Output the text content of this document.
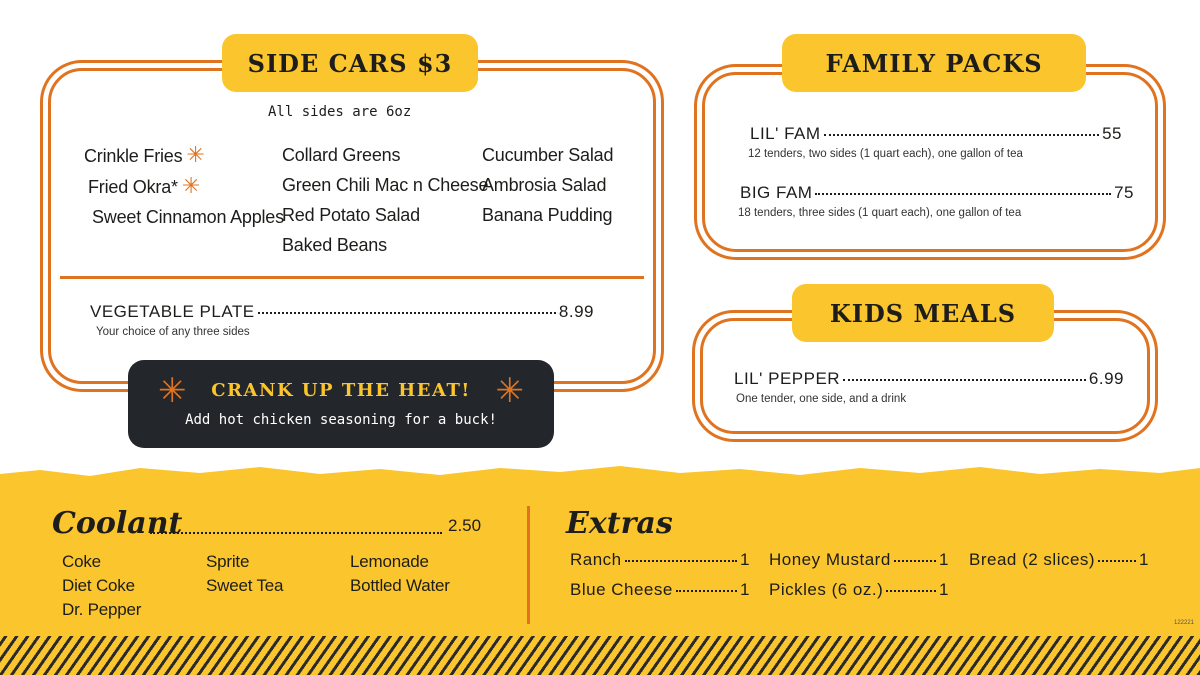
SIDE CARS $3
All sides are 6oz
Crinkle Fries ✳
Fried Okra* ✳
Sweet Cinnamon Apples
Collard Greens
Green Chili Mac n Cheese
Red Potato Salad
Baked Beans
Cucumber Salad
Ambrosia Salad
Banana Pudding
VEGETABLE PLATE	8.99
Your choice of any three sides
✳	✳
CRANK UP THE HEAT!
Add hot chicken seasoning for a buck!
FAMILY PACKS
LIL' FAM	55
12 tenders, two sides (1 quart each), one gallon of tea
BIG FAM	75
18 tenders, three sides (1 quart each), one gallon of tea
KIDS MEALS
LIL' PEPPER	6.99
One tender, one side, and a drink
Coolant	2.50
Coke
Diet Coke
Dr. Pepper
Sprite
Sweet Tea
Lemonade
Bottled Water
Extras
Ranch	1
Blue Cheese	1
Honey Mustard	1
Pickles (6 oz.)	1
Bread (2 slices)	1
122221
